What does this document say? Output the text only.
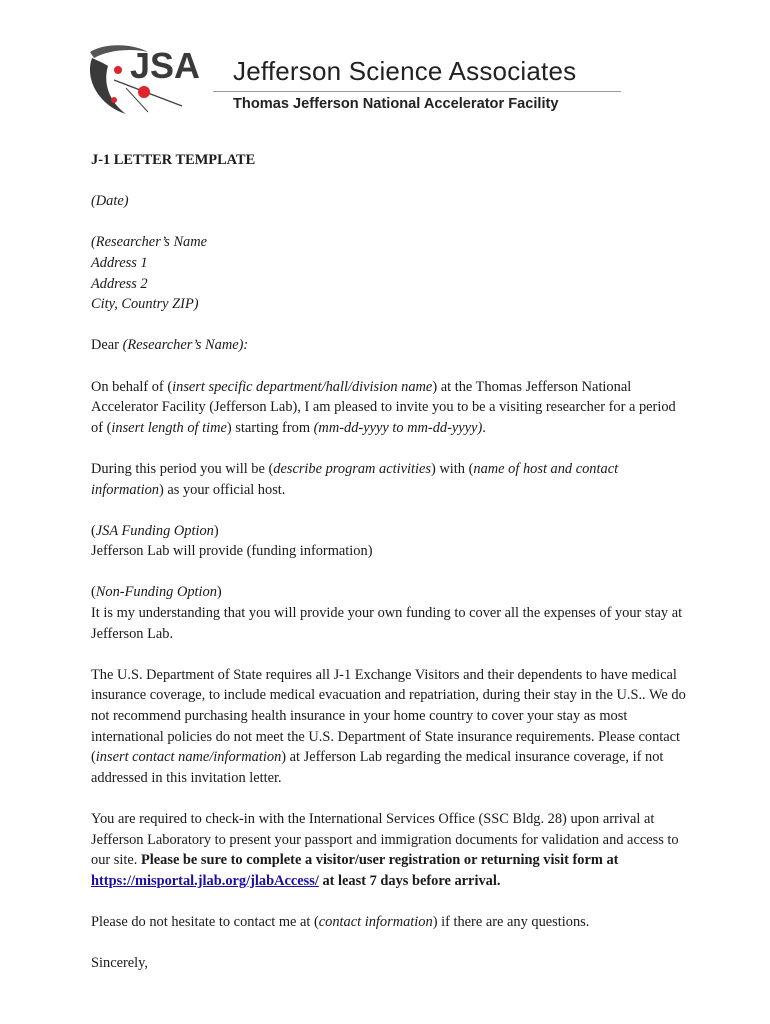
JSA Jefferson Science Associates
Thomas Jefferson National Accelerator Facility

J-1 LETTER TEMPLATE

(Date)

(Researcher’s Name
Address 1
Address 2
City, Country ZIP)

Dear (Researcher’s Name):

On behalf of (insert specific department/hall/division name) at the Thomas Jefferson National Accelerator Facility (Jefferson Lab), I am pleased to invite you to be a visiting researcher for a period of (insert length of time) starting from (mm-dd-yyyy to mm-dd-yyyy).

During this period you will be (describe program activities) with (name of host and contact information) as your official host.

(JSA Funding Option)
Jefferson Lab will provide (funding information)

(Non-Funding Option)
It is my understanding that you will provide your own funding to cover all the expenses of your stay at Jefferson Lab.

The U.S. Department of State requires all J-1 Exchange Visitors and their dependents to have medical insurance coverage, to include medical evacuation and repatriation, during their stay in the U.S.. We do not recommend purchasing health insurance in your home country to cover your stay as most international policies do not meet the U.S. Department of State insurance requirements. Please contact (insert contact name/information) at Jefferson Lab regarding the medical insurance coverage, if not addressed in this invitation letter.

You are required to check-in with the International Services Office (SSC Bldg. 28) upon arrival at Jefferson Laboratory to present your passport and immigration documents for validation and access to our site. Please be sure to complete a visitor/user registration or returning visit form at https://misportal.jlab.org/jlabAccess/ at least 7 days before arrival.

Please do not hesitate to contact me at (contact information) if there are any questions.

Sincerely,
